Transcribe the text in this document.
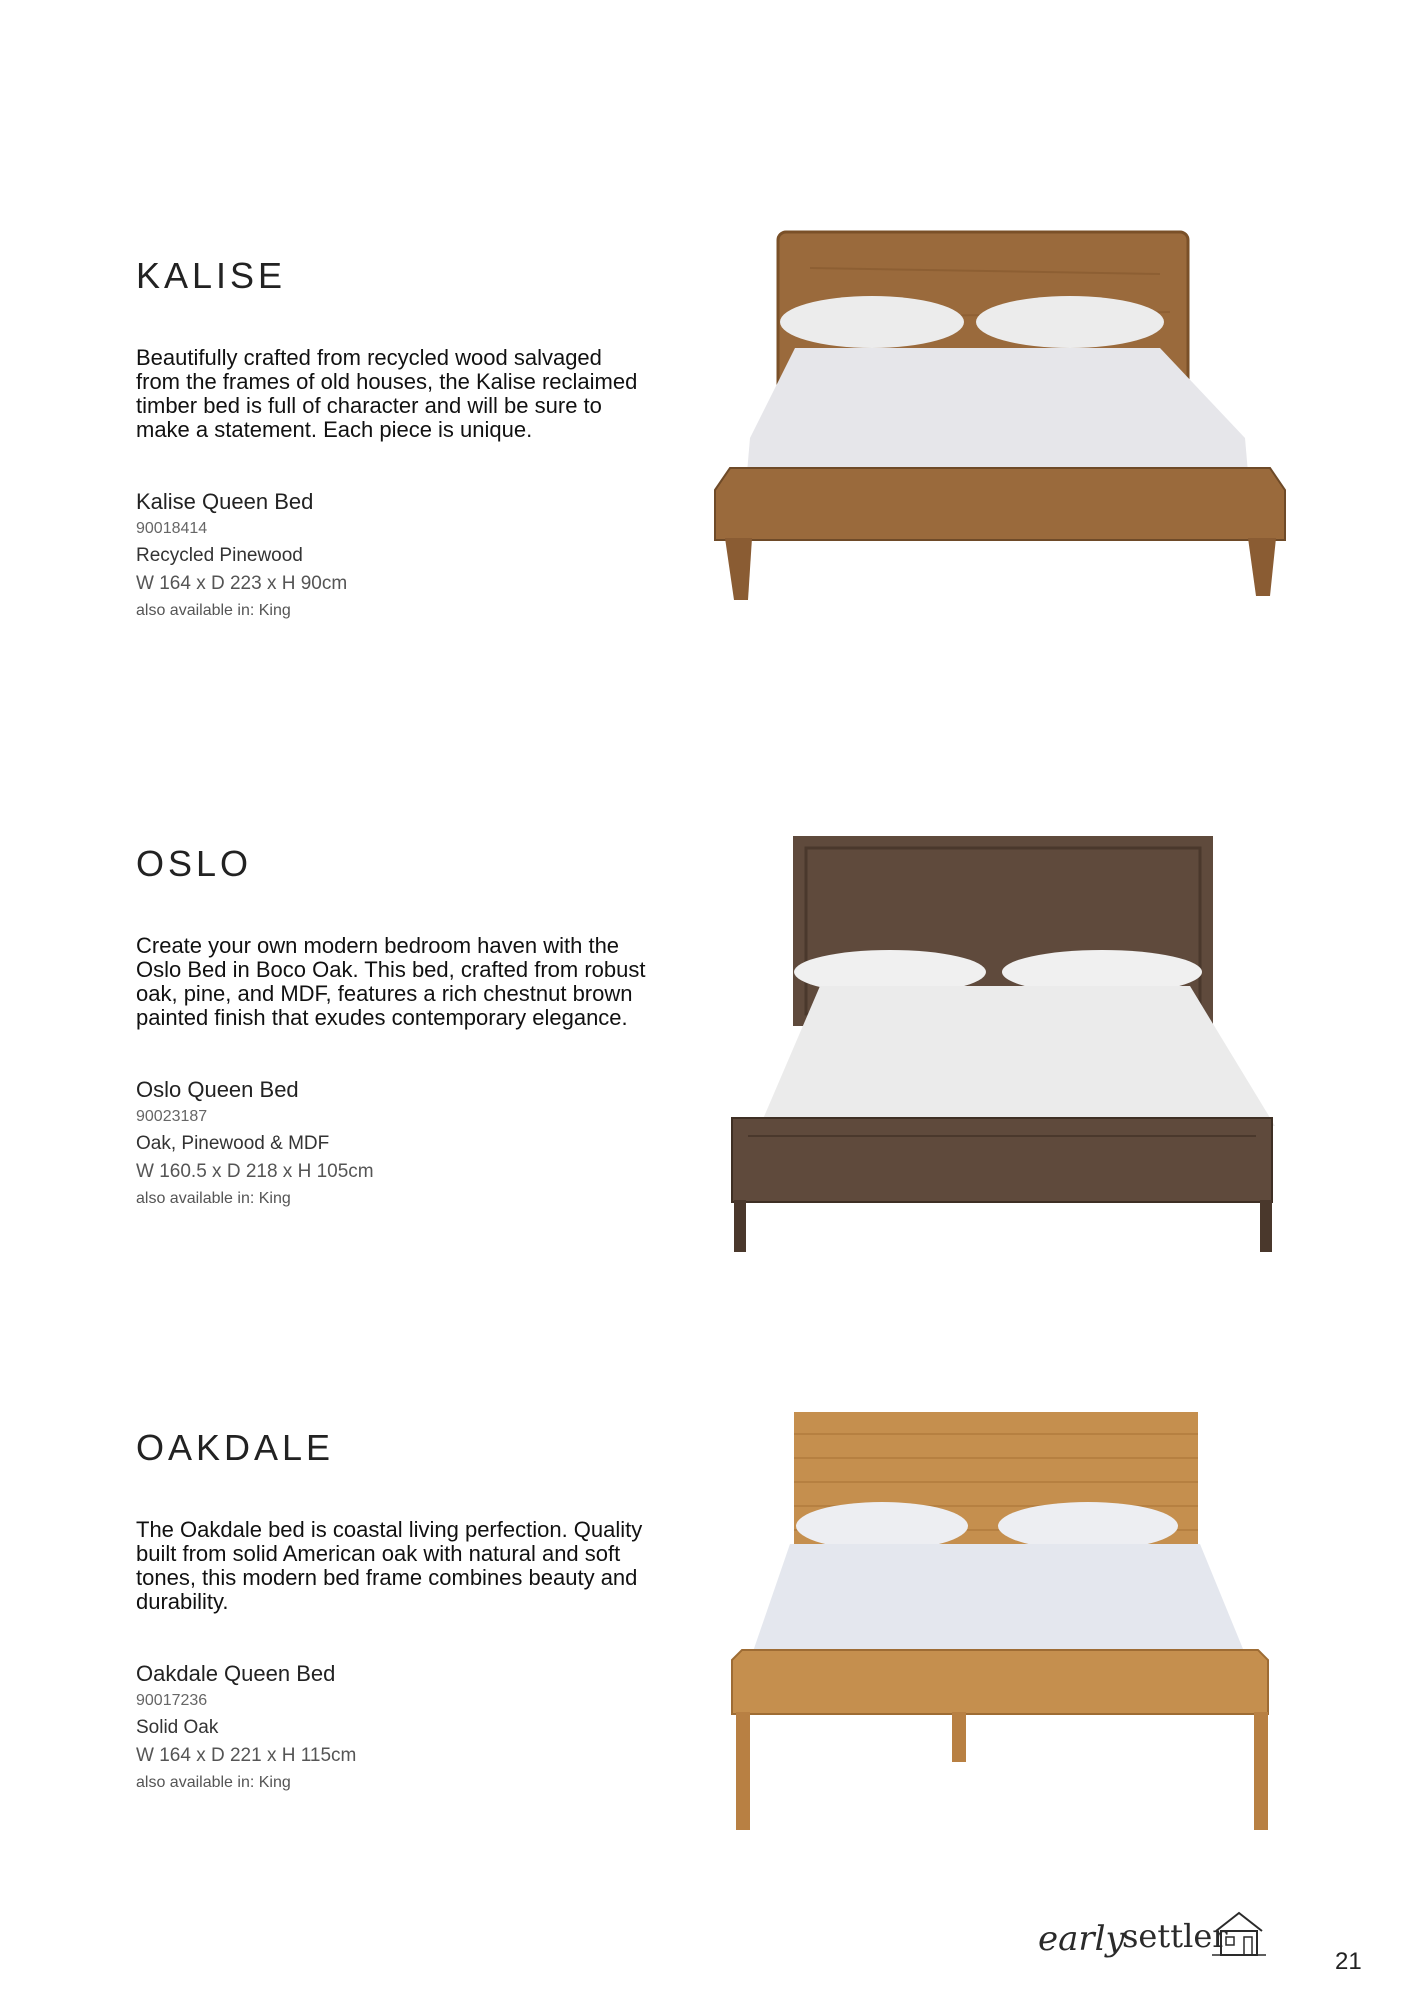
KALISE

Beautifully crafted from recycled wood salvaged from the frames of old houses, the Kalise reclaimed timber bed is full of character and will be sure to make a statement. Each piece is unique.

Kalise Queen Bed
90018414
Recycled Pinewood
W 164 x D 223 x H 90cm
also available in: King
OSLO

Create your own modern bedroom haven with the Oslo Bed in Boco Oak. This bed, crafted from robust oak, pine, and MDF, features a rich chestnut brown painted finish that exudes contemporary elegance.

Oslo Queen Bed
90023187
Oak, Pinewood & MDF
W 160.5 x D 218 x H 105cm
also available in: King
OAKDALE

The Oakdale bed is coastal living perfection. Quality built from solid American oak with natural and soft tones, this modern bed frame combines beauty and durability.

Oakdale Queen Bed
90017236
Solid Oak
W 164 x D 221 x H 115cm
also available in: King
early
settler
21
